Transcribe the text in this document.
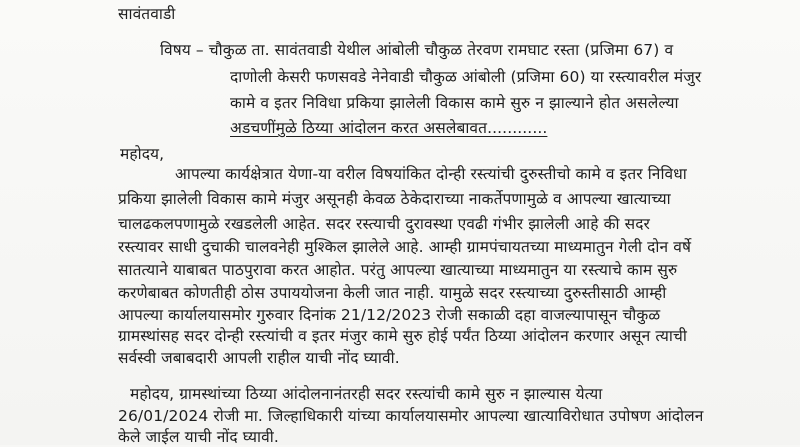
सावंतवाडी
विषय – चौकुळ ता. सावंतवाडी येथील आंबोली चौकुळ तेरवण रामघाट रस्ता (प्रजिमा 67) व
दाणोली केसरी फणसवडे नेनेवाडी चौकुळ आंबोली (प्रजिमा 60) या रस्त्यावरील मंजुर
कामे व इतर निविधा प्रकिया झालेली विकास कामे सुरु न झाल्याने होत असलेल्या
अडचणींमुळे ठिय्या आंदोलन करत असलेबावत............
महोदय,
आपल्या कार्यक्षेत्रात येणा-या वरील विषयांकित दोन्ही रस्त्यांची दुरुस्तीचो कामे व इतर निविधा
प्रकिया झालेली विकास कामे मंजुर असूनही केवळ ठेकेदाराच्या नाकर्तेपणामुळे व आपल्या खात्याच्या
चालढकलपणामुळे रखडलेली आहेत. सदर रस्त्याची दुरावस्था एवढी गंभीर झालेली आहे की सदर
रस्त्यावर साधी दुचाकी चालवनेही मुश्किल झालेले आहे. आम्ही ग्रामपंचायतच्या माध्यमातुन गेली दोन वर्षे
सातत्याने याबाबत पाठपुरावा करत आहोत. परंतु आपल्या खात्याच्या माध्यमातुन या रस्त्याचे काम सुरु
करणेबाबत कोणतीही ठोस उपाययोजना केली जात नाही. यामुळे सदर रस्त्याच्या दुरुस्तीसाठी आम्ही
आपल्या कार्यालयासमोर गुरुवार दिनांक 21/12/2023 रोजी सकाळी दहा वाजल्यापासून चौकुळ
ग्रामस्थांसह सदर दोन्ही रस्त्यांची व इतर मंजुर कामे सुरु होई पर्यंत ठिय्या आंदोलन करणार असून त्याची
सर्वस्वी जबाबदारी आपली राहील याची नोंद घ्यावी.
महोदय, ग्रामस्थांच्या ठिय्या आंदोलनानंतरही सदर रस्त्यांची कामे सुरु न झाल्यास येत्या
26/01/2024 रोजी मा. जिल्हाधिकारी यांच्या कार्यालयासमोर आपल्या खात्याविरोधात उपोषण आंदोलन
केले जाईल याची नोंद घ्यावी.
